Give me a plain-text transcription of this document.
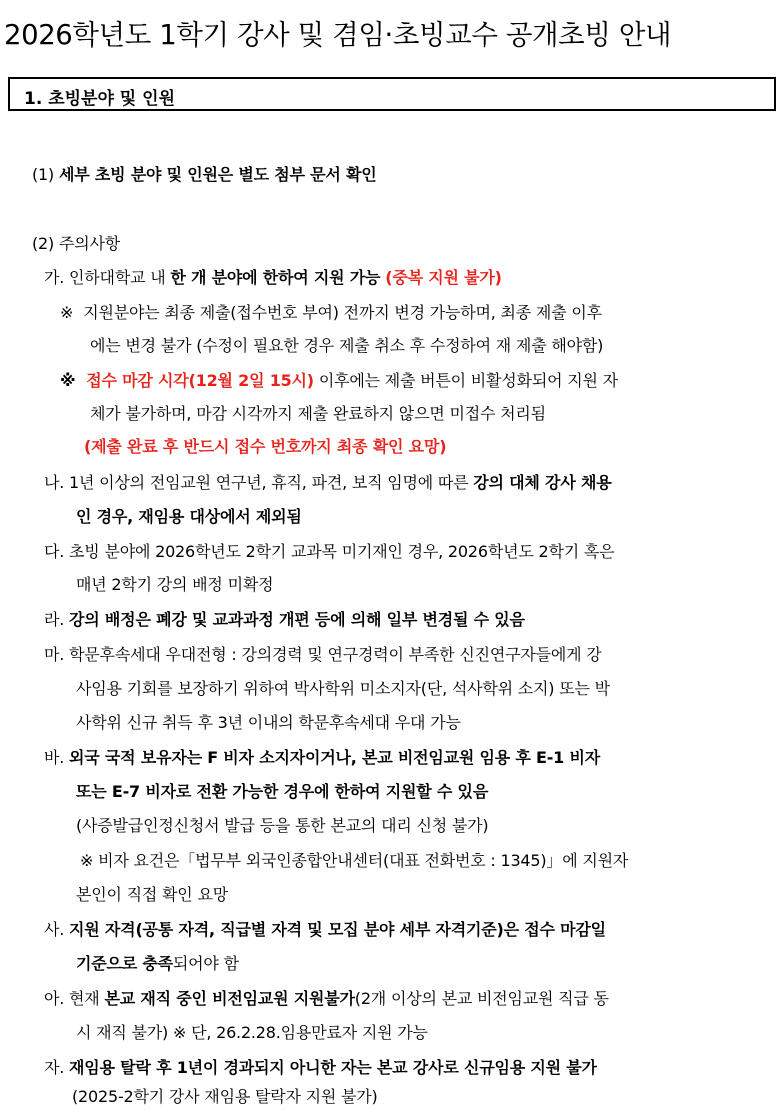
2026학년도 1학기 강사 및 겸임·초빙교수 공개초빙 안내
1. 초빙분야 및 인원
(1) 세부 초빙 분야 및 인원은 별도 첨부 문서 확인
(2) 주의사항
가. 인하대학교 내 한 개 분야에 한하여 지원 가능 (중복 지원 불가)
※ 지원분야는 최종 제출(접수번호 부여) 전까지 변경 가능하며, 최종 제출 이후
에는 변경 불가 (수정이 필요한 경우 제출 취소 후 수정하여 재 제출 해야함)
※ 접수 마감 시각(12월 2일 15시) 이후에는 제출 버튼이 비활성화되어 지원 자
체가 불가하며, 마감 시각까지 제출 완료하지 않으면 미접수 처리됨
(제출 완료 후 반드시 접수 번호까지 최종 확인 요망)
나. 1년 이상의 전임교원 연구년, 휴직, 파견, 보직 임명에 따른 강의 대체 강사 채용
인 경우, 재임용 대상에서 제외됨
다. 초빙 분야에 2026학년도 2학기 교과목 미기재인 경우, 2026학년도 2학기 혹은
매년 2학기 강의 배정 미확정
라. 강의 배정은 폐강 및 교과과정 개편 등에 의해 일부 변경될 수 있음
마. 학문후속세대 우대전형 : 강의경력 및 연구경력이 부족한 신진연구자들에게 강
사임용 기회를 보장하기 위하여 박사학위 미소지자(단, 석사학위 소지) 또는 박
사학위 신규 취득 후 3년 이내의 학문후속세대 우대 가능
바. 외국 국적 보유자는 F 비자 소지자이거나, 본교 비전임교원 임용 후 E-1 비자
또는 E-7 비자로 전환 가능한 경우에 한하여 지원할 수 있음
(사증발급인정신청서 발급 등을 통한 본교의 대리 신청 불가)
※ 비자 요건은「법무부 외국인종합안내센터(대표 전화번호 : 1345)」에 지원자
본인이 직접 확인 요망
사. 지원 자격(공통 자격, 직급별 자격 및 모집 분야 세부 자격기준)은 접수 마감일
기준으로 충족되어야 함
아. 현재 본교 재직 중인 비전임교원 지원불가(2개 이상의 본교 비전임교원 직급 동
시 재직 불가) ※ 단, 26.2.28.임용만료자 지원 가능
자. 재임용 탈락 후 1년이 경과되지 아니한 자는 본교 강사로 신규임용 지원 불가
(2025-2학기 강사 재임용 탈락자 지원 불가)
